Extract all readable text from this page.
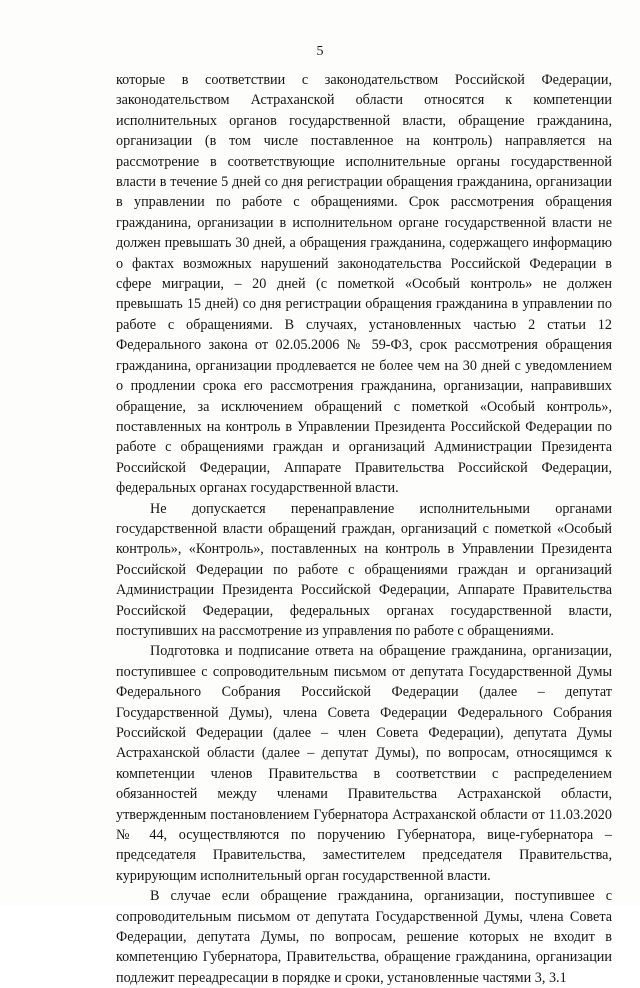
5

которые в соответствии с законодательством Российской Федерации, законодательством Астраханской области относятся к компетенции исполнительных органов государственной власти, обращение гражданина, организации (в том числе поставленное на контроль) направляется на рассмотрение в соответствующие исполнительные органы государственной власти в течение 5 дней со дня регистрации обращения гражданина, организации в управлении по работе с обращениями. Срок рассмотрения обращения гражданина, организации в исполнительном органе государственной власти не должен превышать 30 дней, а обращения гражданина, содержащего информацию о фактах возможных нарушений законодательства Российской Федерации в сфере миграции, – 20 дней (с пометкой «Особый контроль» не должен превышать 15 дней) со дня регистрации обращения гражданина в управлении по работе с обращениями. В случаях, установленных частью 2 статьи 12 Федерального закона от 02.05.2006 № 59-ФЗ, срок рассмотрения обращения гражданина, организации продлевается не более чем на 30 дней с уведомлением о продлении срока его рассмотрения гражданина, организации, направивших обращение, за исключением обращений с пометкой «Особый контроль», поставленных на контроль в Управлении Президента Российской Федерации по работе с обращениями граждан и организаций Администрации Президента Российской Федерации, Аппарате Правительства Российской Федерации, федеральных органах государственной власти.

Не допускается перенаправление исполнительными органами государственной власти обращений граждан, организаций с пометкой «Особый контроль», «Контроль», поставленных на контроль в Управлении Президента Российской Федерации по работе с обращениями граждан и организаций Администрации Президента Российской Федерации, Аппарате Правительства Российской Федерации, федеральных органах государственной власти, поступивших на рассмотрение из управления по работе с обращениями.

Подготовка и подписание ответа на обращение гражданина, организации, поступившее с сопроводительным письмом от депутата Государственной Думы Федерального Собрания Российской Федерации (далее – депутат Государственной Думы), члена Совета Федерации Федерального Собрания Российской Федерации (далее – член Совета Федерации), депутата Думы Астраханской области (далее – депутат Думы), по вопросам, относящимся к компетенции членов Правительства в соответствии с распределением обязанностей между членами Правительства Астраханской области, утвержденным постановлением Губернатора Астраханской области от 11.03.2020 № 44, осуществляются по поручению Губернатора, вице-губернатора – председателя Правительства, заместителем председателя Правительства, курирующим исполнительный орган государственной власти.

В случае если обращение гражданина, организации, поступившее с сопроводительным письмом от депутата Государственной Думы, члена Совета Федерации, депутата Думы, по вопросам, решение которых не входит в компетенцию Губернатора, Правительства, обращение гражданина, организации подлежит переадресации в порядке и сроки, установленные частями 3, 3.1
